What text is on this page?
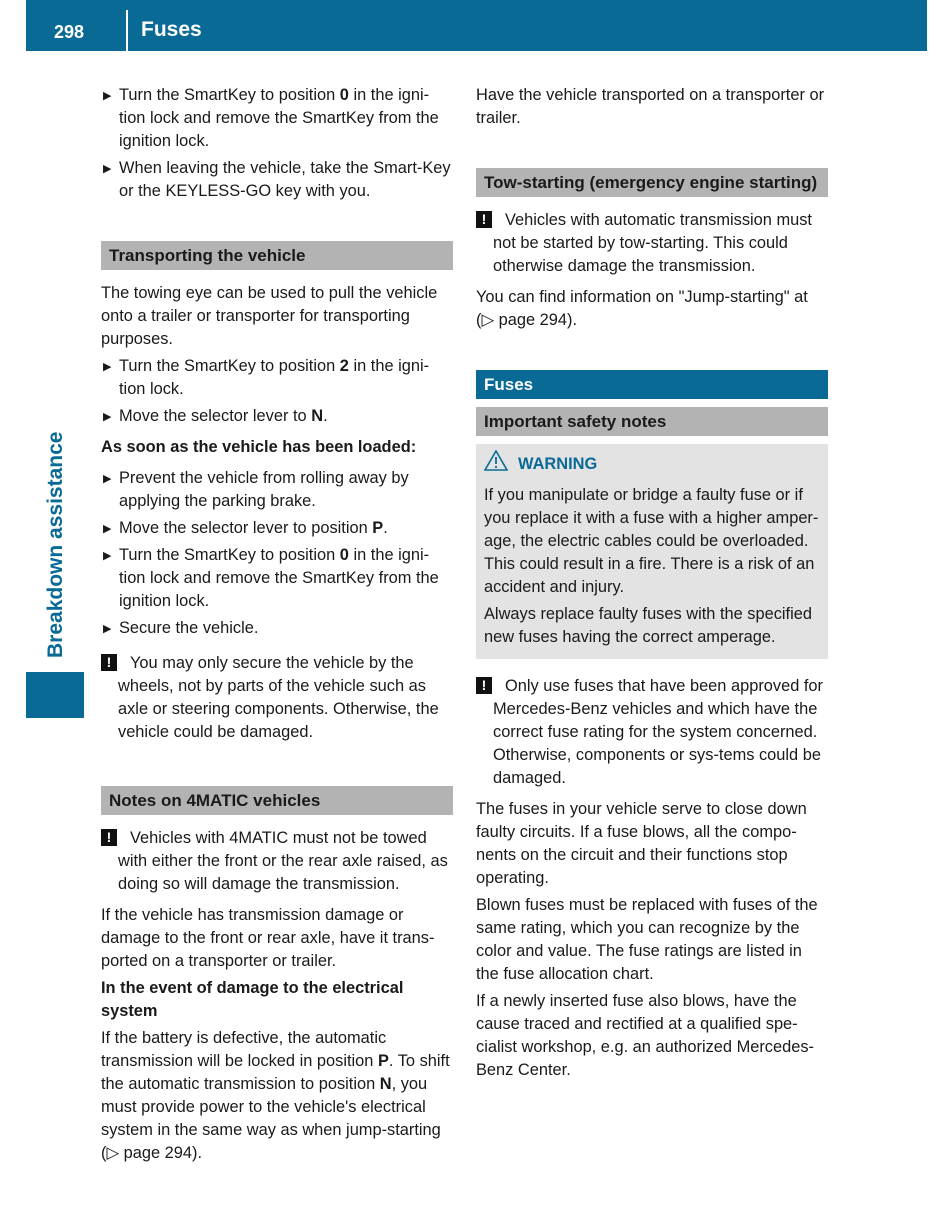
298	Fuses
Breakdown assistance
▶ Turn the SmartKey to position 0 in the igni-tion lock and remove the SmartKey from the ignition lock.
▶ When leaving the vehicle, take the Smart-Key or the KEYLESS-GO key with you.
Transporting the vehicle

The towing eye can be used to pull the vehicle onto a trailer or transporter for transporting purposes.

▶ Turn the SmartKey to position 2 in the igni-tion lock.
▶ Move the selector lever to N.

As soon as the vehicle has been loaded:

▶ Prevent the vehicle from rolling away by applying the parking brake.
▶ Move the selector lever to position P.
▶ Turn the SmartKey to position 0 in the igni-tion lock and remove the SmartKey from the ignition lock.
▶ Secure the vehicle.
!	You may only secure the vehicle by the wheels, not by parts of the vehicle such as axle or steering components. Otherwise, the vehicle could be damaged.
Notes on 4MATIC vehicles
!	Vehicles with 4MATIC must not be towed with either the front or the rear axle raised, as doing so will damage the transmission.

If the vehicle has transmission damage or damage to the front or rear axle, have it trans-ported on a transporter or trailer.

In the event of damage to the electrical system

If the battery is defective, the automatic transmission will be locked in position P. To shift the automatic transmission to position N, you must provide power to the vehicle's electrical system in the same way as when jump-starting (▷ page 294).

Have the vehicle transported on a transporter or trailer.

Tow-starting (emergency engine starting)
!	Vehicles with automatic transmission must not be started by tow-starting. This could otherwise damage the transmission.

You can find information on "Jump-starting" at (▷ page 294).

Fuses
Important safety notes
WARNING

If you manipulate or bridge a faulty fuse or if you replace it with a fuse with a higher amper-age, the electric cables could be overloaded. This could result in a fire. There is a risk of an accident and injury.

Always replace faulty fuses with the specified new fuses having the correct amperage.

!	Only use fuses that have been approved for Mercedes-Benz vehicles and which have the correct fuse rating for the system concerned. Otherwise, components or sys-tems could be damaged.

The fuses in your vehicle serve to close down faulty circuits. If a fuse blows, all the compo-nents on the circuit and their functions stop operating.

Blown fuses must be replaced with fuses of the same rating, which you can recognize by the color and value. The fuse ratings are listed in the fuse allocation chart.

If a newly inserted fuse also blows, have the cause traced and rectified at a qualified spe-cialist workshop, e.g. an authorized Mercedes-Benz Center.
